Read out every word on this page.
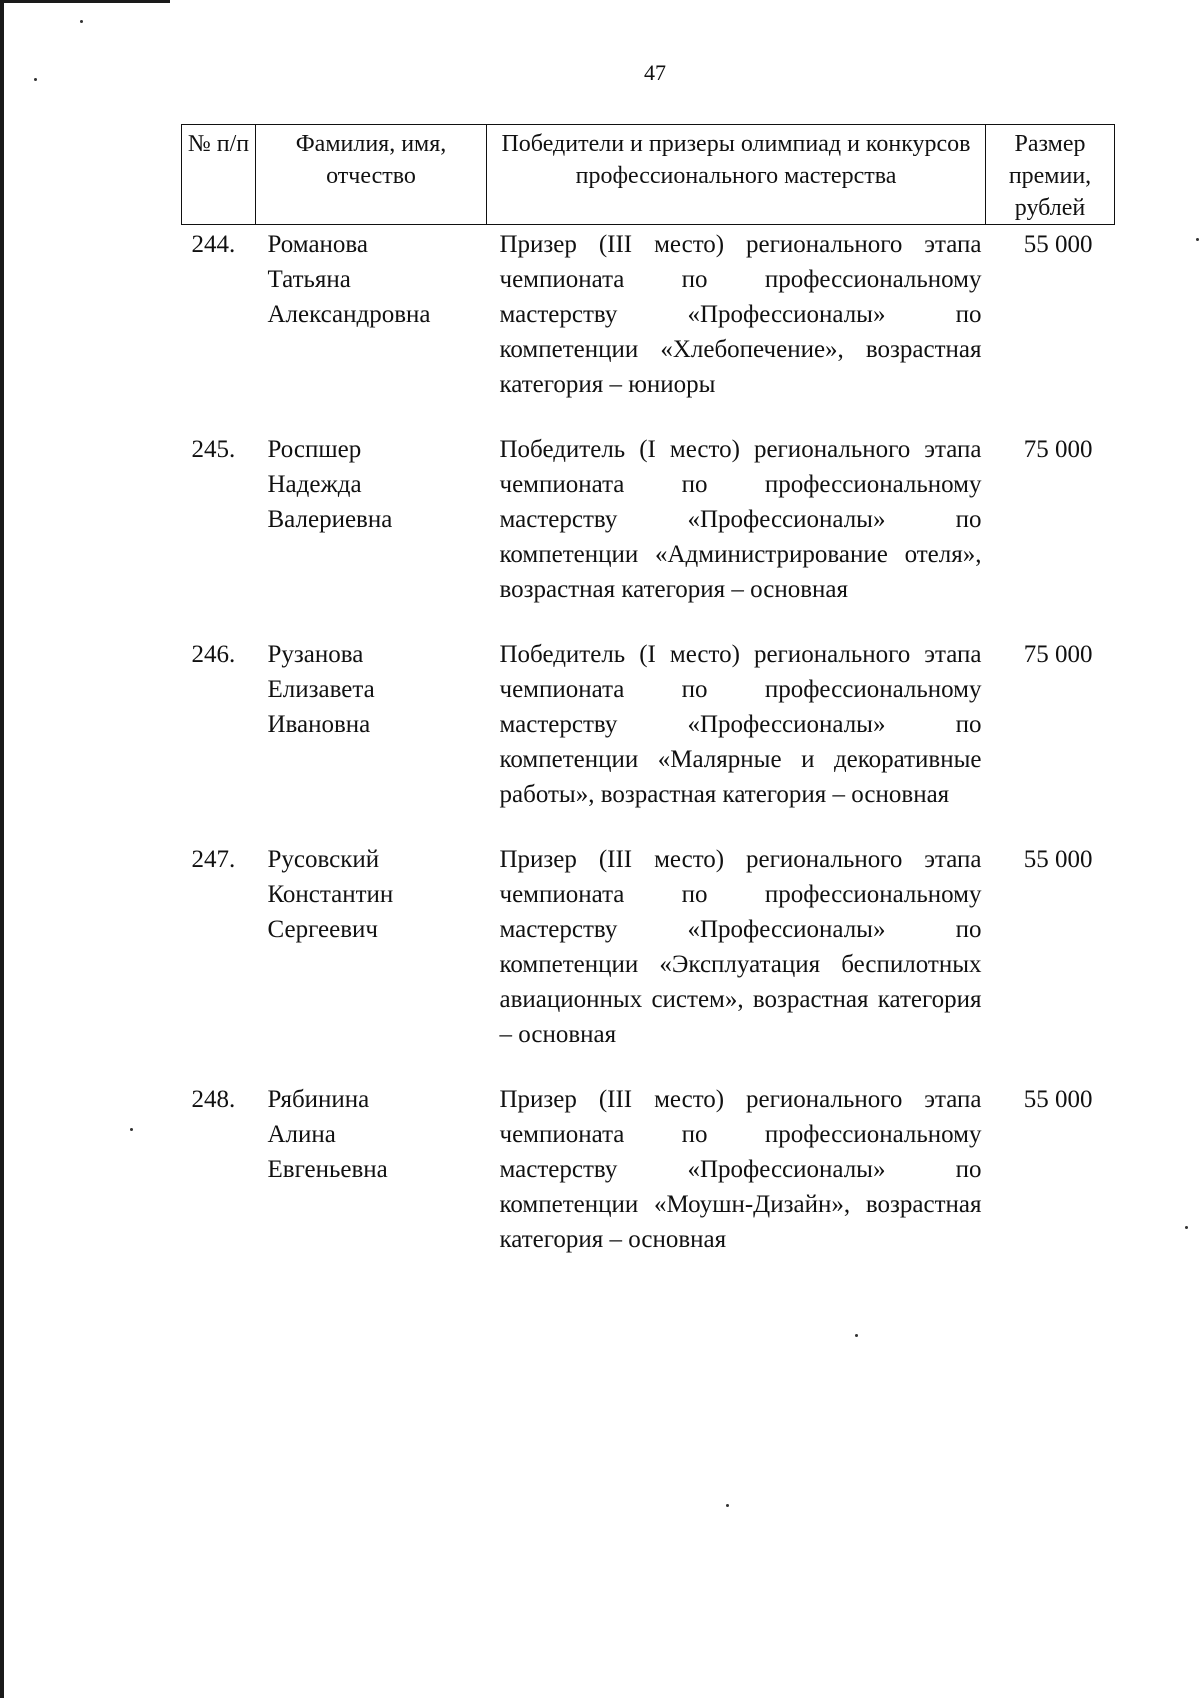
47
№ п/п	Фамилия, имя, отчество	Победители и призеры олимпиад и конкурсов профессионального мастерства	Размер премии, рублей
244.	Романова
Татьяна
Александровна	Призер (III место) регионального этапа чемпионата по профессиональному мастерству «Профессионалы» по компетенции «Хлебопечение», возрастная категория – юниоры	55 000
245.	Роспшер
Надежда
Валериевна	Победитель (I место) регионального этапа чемпионата по профессиональному мастерству «Профессионалы» по компетенции «Администрирование отеля», возрастная категория – основная	75 000
246.	Рузанова
Елизавета
Ивановна	Победитель (I место) регионального этапа чемпионата по профессиональному мастерству «Профессионалы» по компетенции «Малярные и декоративные работы», возрастная категория – основная	75 000
247.	Русовский
Константин
Сергеевич	Призер (III место) регионального этапа чемпионата по профессиональному мастерству «Профессионалы» по компетенции «Эксплуатация беспилотных авиационных систем», возрастная категория – основная	55 000
248.	Рябинина
Алина
Евгеньевна	Призер (III место) регионального этапа чемпионата по профессиональному мастерству «Профессионалы» по компетенции «Моушн-Дизайн», возрастная категория – основная	55 000
